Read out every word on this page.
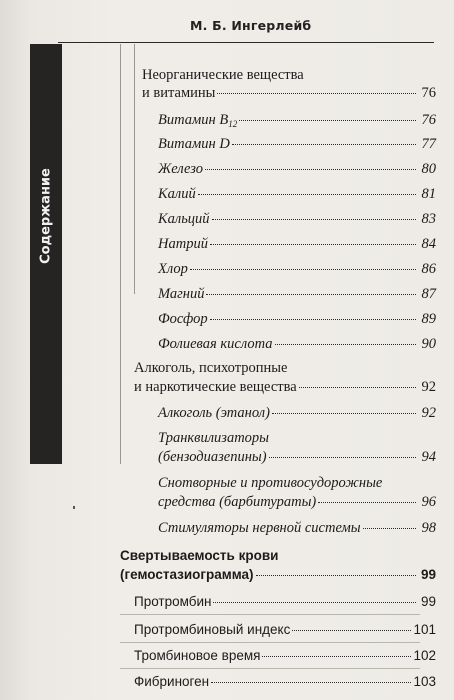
М. Б. Ингерлейб
Содержание
Неорганические вещества
и витамины	76
Витамин $B_{12}$	76
Витамин D	77
Железо	80
Калий	81
Кальций	83
Натрий	84
Хлор	86
Магний	87
Фосфор	89
Фолиевая кислота	90
Алкоголь, психотропные
и наркотические вещества	92
Алкоголь (этанол)	92
Транквилизаторы
(бензодиазепины)	94
Снотворные и противосудорожные
средства (барбитураты)	96
Стимуляторы нервной системы	98
Свертываемость крови
(гемостазиограмма)	99
Протромбин	99
Протромбиновый индекс	101
Тромбиновое время	102
Фибриноген	103
